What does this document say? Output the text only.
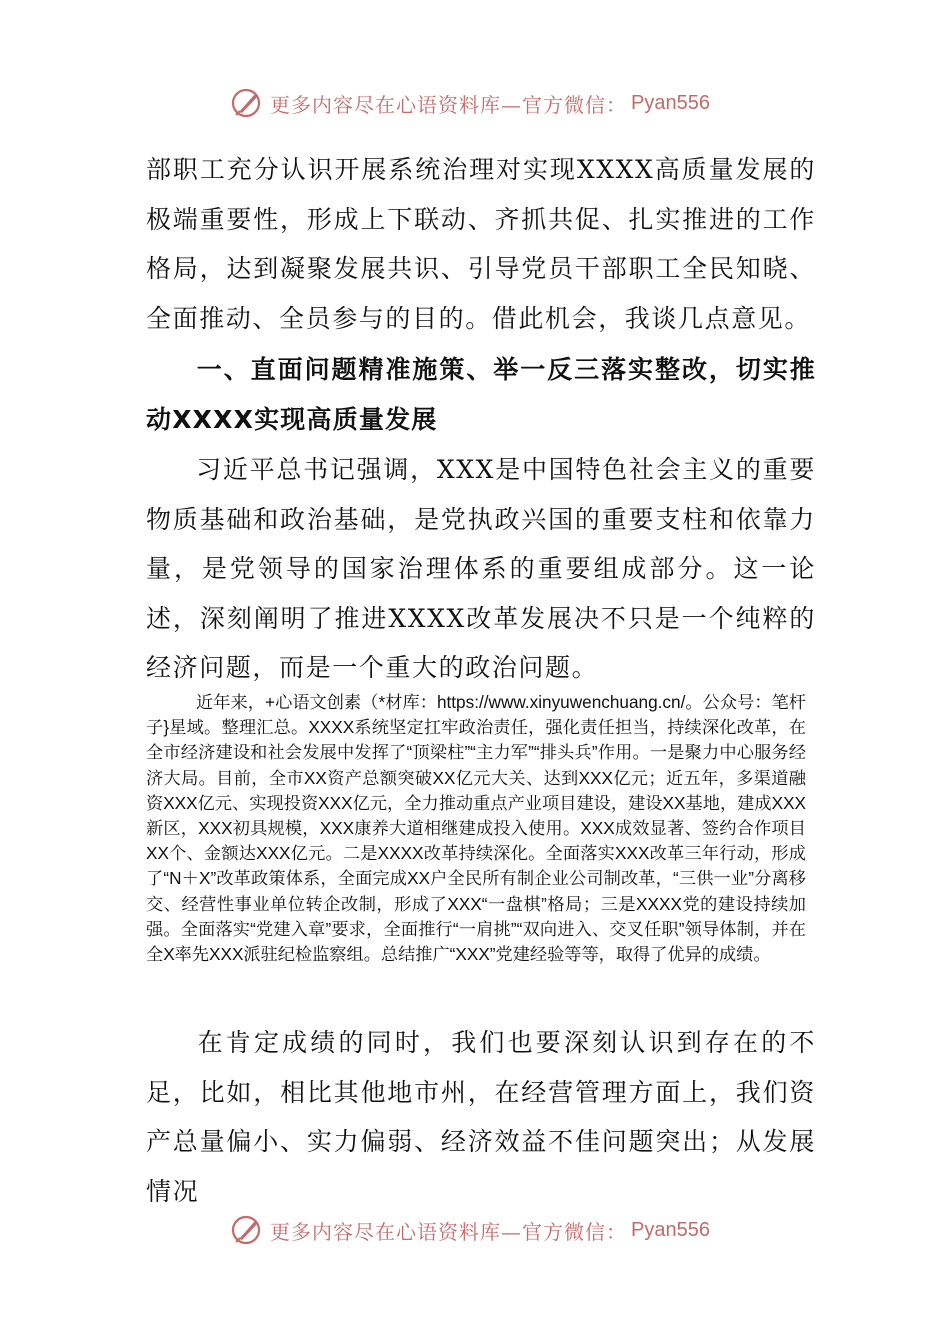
更多内容尽在心语资料库—官方微信： Pyan556
部职工充分认识开展系统治理对实现XXXX高质量发展的极端重要性，形成上下联动、齐抓共促、扎实推进的工作格局，达到凝聚发展共识、引导党员干部职工全民知晓、全面推动、全员参与的目的。借此机会，我谈几点意见。
一、直面问题精准施策、举一反三落实整改，切实推动XXXX实现高质量发展
习近平总书记强调，XXX是中国特色社会主义的重要物质基础和政治基础，是党执政兴国的重要支柱和依靠力量，是党领导的国家治理体系的重要组成部分。这一论述，深刻阐明了推进XXXX改革发展决不只是一个纯粹的经济问题，而是一个重大的政治问题。
近年来，+心语文创素（*材库：https://www.xinyuwenchuang.cn/。公众号：笔杆子}星域。整理汇总。XXXX系统坚定扛牢政治责任，强化责任担当，持续深化改革，在全市经济建设和社会发展中发挥了“顶梁柱”“主力军”“排头兵”作用。一是聚力中心服务经济大局。目前，全市XX资产总额突破XX亿元大关、达到XXX亿元；近五年，多渠道融资XXX亿元、实现投资XXX亿元，全力推动重点产业项目建设，建设XX基地，建成XXX新区，XXX初具规模，XXX康养大道相继建成投入使用。XXX成效显著、签约合作项目XX个、金额达XXX亿元。二是XXXX改革持续深化。全面落实XXX改革三年行动，形成了“N＋X”改革政策体系，全面完成XX户全民所有制企业公司制改革，“三供一业”分离移交、经营性事业单位转企改制，形成了XXX“一盘棋”格局；三是XXXX党的建设持续加强。全面落实“党建入章”要求，全面推行“一肩挑”“双向进入、交叉任职”领导体制，并在全X率先XXX派驻纪检监察组。总结推广“XXX”党建经验等等，取得了优异的成绩。
在肯定成绩的同时，我们也要深刻认识到存在的不足，比如，相比其他地市州，在经营管理方面上，我们资产总量偏小、实力偏弱、经济效益不佳问题突出；从发展情况
更多内容尽在心语资料库—官方微信： Pyan556
